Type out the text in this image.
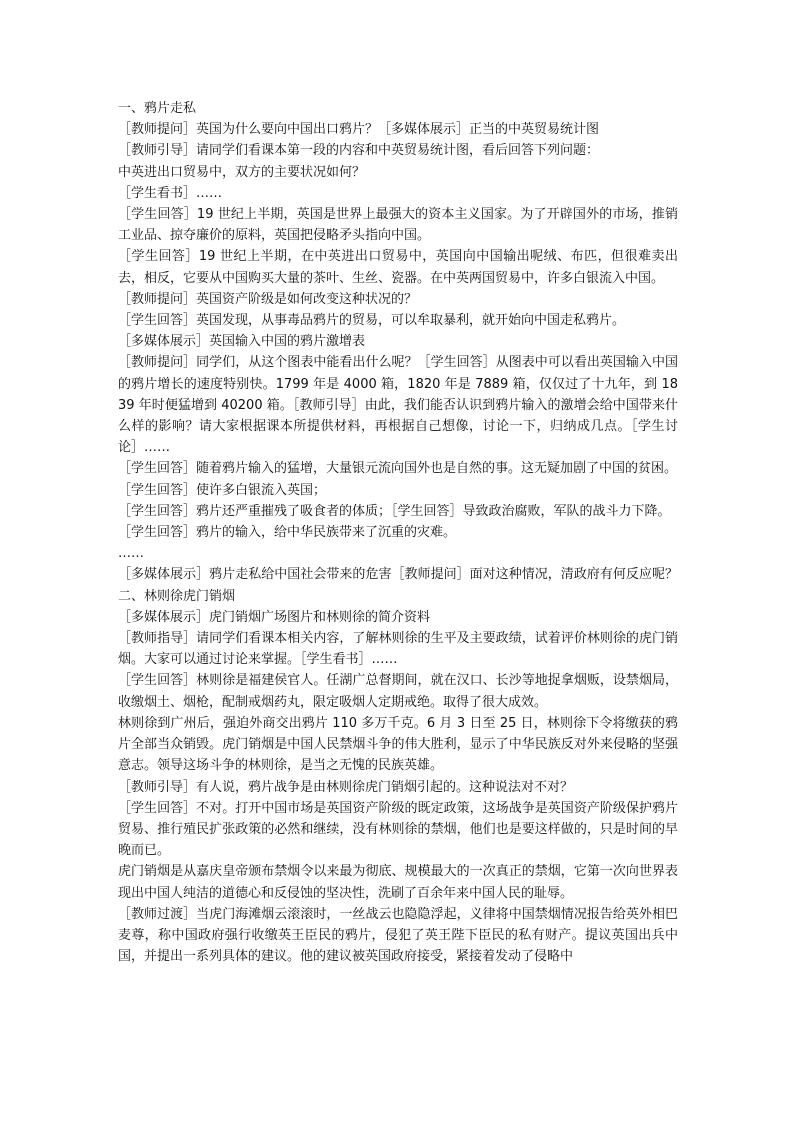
一、鸦片走私

［教师提问］英国为什么要向中国出口鸦片？［多媒体展示］正当的中英贸易统计图

［教师引导］请同学们看课本第一段的内容和中英贸易统计图，看后回答下列问题：

中英进出口贸易中，双方的主要状况如何？

［学生看书］……

［学生回答］19 世纪上半期，英国是世界上最强大的资本主义国家。为了开辟国外的市场，推销工业品、掠夺廉价的原料，英国把侵略矛头指向中国。

［学生回答］19 世纪上半期，在中英进出口贸易中，英国向中国输出呢绒、布匹，但很难卖出去，相反，它要从中国购买大量的茶叶、生丝、瓷器。在中英两国贸易中，许多白银流入中国。

［教师提问］英国资产阶级是如何改变这种状况的？

［学生回答］英国发现，从事毒品鸦片的贸易，可以牟取暴利，就开始向中国走私鸦片。

［多媒体展示］英国输入中国的鸦片激增表

［教师提问］同学们，从这个图表中能看出什么呢？［学生回答］从图表中可以看出英国输入中国的鸦片增长的速度特别快。1799 年是 4000 箱，1820 年是 7889 箱，仅仅过了十九年，到 1839 年时便猛增到 40200 箱。［教师引导］由此，我们能否认识到鸦片输入的激增会给中国带来什么样的影响？请大家根据课本所提供材料，再根据自己想像，讨论一下，归纳成几点。［学生讨论］……

［学生回答］随着鸦片输入的猛增，大量银元流向国外也是自然的事。这无疑加剧了中国的贫困。

［学生回答］使许多白银流入英国；

［学生回答］鸦片还严重摧残了吸食者的体质；［学生回答］导致政治腐败，军队的战斗力下降。

［学生回答］鸦片的输入，给中华民族带来了沉重的灾难。

……

［多媒体展示］鸦片走私给中国社会带来的危害［教师提问］面对这种情况，清政府有何反应呢？二、林则徐虎门销烟

［多媒体展示］虎门销烟广场图片和林则徐的简介资料

［教师指导］请同学们看课本相关内容，了解林则徐的生平及主要政绩，试着评价林则徐的虎门销烟。大家可以通过讨论来掌握。［学生看书］……

［学生回答］林则徐是福建侯官人。任湖广总督期间，就在汉口、长沙等地捉拿烟贩，设禁烟局，收缴烟土、烟枪，配制戒烟药丸，限定吸烟人定期戒绝。取得了很大成效。

林则徐到广州后，强迫外商交出鸦片 110 多万千克。6 月 3 日至 25 日，林则徐下令将缴获的鸦片全部当众销毁。虎门销烟是中国人民禁烟斗争的伟大胜利，显示了中华民族反对外来侵略的坚强意志。领导这场斗争的林则徐，是当之无愧的民族英雄。

［教师引导］有人说，鸦片战争是由林则徐虎门销烟引起的。这种说法对不对？

［学生回答］不对。打开中国市场是英国资产阶级的既定政策，这场战争是英国资产阶级保护鸦片贸易、推行殖民扩张政策的必然和继续，没有林则徐的禁烟，他们也是要这样做的，只是时间的早晚而已。

虎门销烟是从嘉庆皇帝颁布禁烟令以来最为彻底、规模最大的一次真正的禁烟，它第一次向世界表现出中国人纯洁的道德心和反侵蚀的坚决性，洗刷了百余年来中国人民的耻辱。

［教师过渡］当虎门海滩烟云滚滚时，一丝战云也隐隐浮起，义律将中国禁烟情况报告给英外相巴麦尊，称中国政府强行收缴英王臣民的鸦片，侵犯了英王陛下臣民的私有财产。提议英国出兵中国，并提出一系列具体的建议。他的建议被英国政府接受，紧接着发动了侵略中
